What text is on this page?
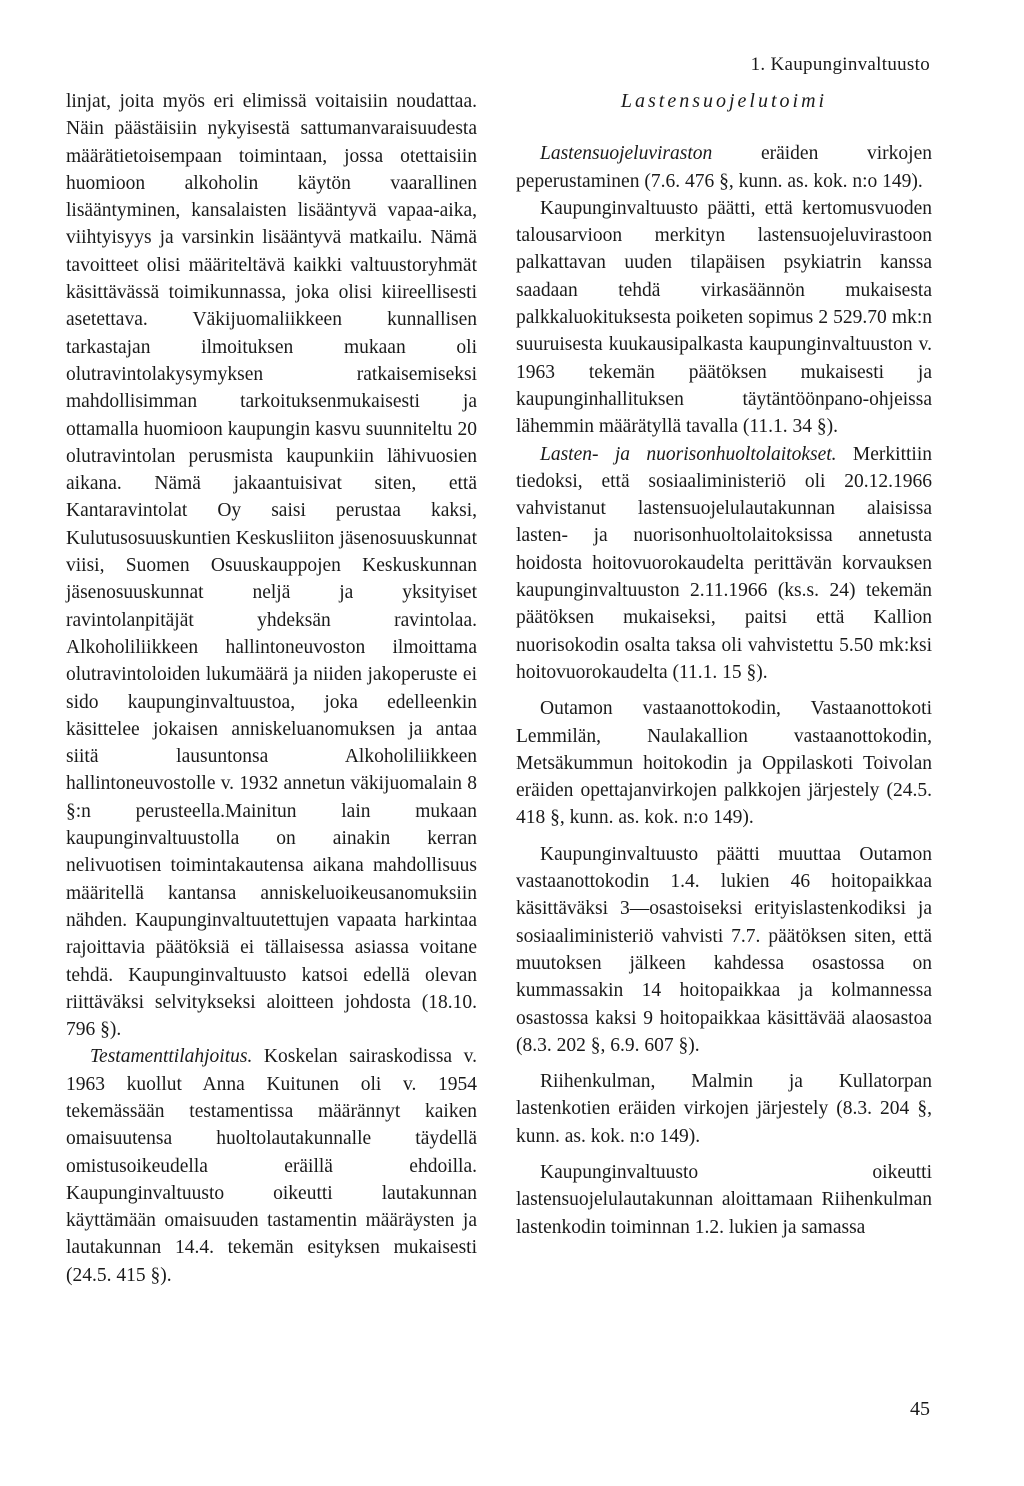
1. Kaupunginvaltuusto

linjat, joita myös eri elimissä voitaisiin noudattaa. Näin päästäisiin nykyisestä sattumanvaraisuudesta määrätietoisempaan toimintaan, jossa otettaisiin huomioon alkoholin käytön vaarallinen lisääntyminen, kansalaisten lisääntyvä vapaa-aika, viihtyisyys ja varsinkin lisääntyvä matkailu. Nämä tavoitteet olisi määriteltävä kaikki valtuustoryhmät käsittävässä toimikunnassa, joka olisi kiireellisesti asetettava. Väkijuomaliikkeen kunnallisen tarkastajan ilmoituksen mukaan oli olutravintolakysymyksen ratkaisemiseksi mahdollisimman tarkoituksenmukaisesti ja ottamalla huomioon kaupungin kasvu suunniteltu 20 olutravintolan perusmista kaupunkiin lähivuosien aikana. Nämä jakaantuisivat siten, että Kantaravintolat Oy saisi perustaa kaksi, Kulutusosuuskuntien Keskusliiton jäsenosuuskunnat viisi, Suomen Osuuskauppojen Keskuskunnan jäsenosuuskunnat neljä ja yksityiset ravintolanpitäjät yhdeksän ravintolaa. Alkoholiliikkeen hallintoneuvoston ilmoittama olutravintoloiden lukumäärä ja niiden jakoperuste ei sido kaupunginvaltuustoa, joka edelleenkin käsittelee jokaisen anniskeluanomuksen ja antaa siitä lausuntonsa Alkoholiliikkeen hallintoneuvostolle v. 1932 annetun väkijuomalain 8 §:n perusteella.Mainitun lain mukaan kaupunginvaltuustolla on ainakin kerran nelivuotisen toimintakautensa aikana mahdollisuus määritellä kantansa anniskeluoikeusanomuksiin nähden. Kaupunginvaltuutettujen vapaata harkintaa rajoittavia päätöksiä ei tällaisessa asiassa voitane tehdä. Kaupunginvaltuusto katsoi edellä olevan riittäväksi selvitykseksi aloitteen johdosta (18.10. 796 §).

Testamenttilahjoitus. Koskelan sairaskodissa v. 1963 kuollut Anna Kuitunen oli v. 1954 tekemässään testamentissa määrännyt kaiken omaisuutensa huoltolautakunnalle täydellä omistusoikeudella eräillä ehdoilla. Kaupunginvaltuusto oikeutti lautakunnan käyttämään omaisuuden tastamentin määräysten ja lautakunnan 14.4. tekemän esityksen mukaisesti (24.5. 415 §).

Lastensuojelutoimi

Lastensuojeluviraston eräiden virkojen peperustaminen (7.6. 476 §, kunn. as. kok. n:o 149).

Kaupunginvaltuusto päätti, että kertomusvuoden talousarvioon merkityn lastensuojeluvirastoon palkattavan uuden tilapäisen psykiatrin kanssa saadaan tehdä virkasäännön mukaisesta palkkaluokituksesta poiketen sopimus 2 529.70 mk:n suuruisesta kuukausipalkasta kaupunginvaltuuston v. 1963 tekemän päätöksen mukaisesti ja kaupunginhallituksen täytäntöönpano-ohjeissa lähemmin määrätyllä tavalla (11.1. 34 §).

Lasten- ja nuorisonhuoltolaitokset. Merkittiin tiedoksi, että sosiaaliministeriö oli 20.12.1966 vahvistanut lastensuojelulautakunnan alaisissa lasten- ja nuorisonhuoltolaitoksissa annetusta hoidosta hoitovuorokaudelta perittävän korvauksen kaupunginvaltuuston 2.11.1966 (ks.s. 24) tekemän päätöksen mukaiseksi, paitsi että Kallion nuorisokodin osalta taksa oli vahvistettu 5.50 mk:ksi hoitovuorokaudelta (11.1. 15 §).

Outamon vastaanottokodin, Vastaanottokoti Lemmilän, Naulakallion vastaanottokodin, Metsäkummun hoitokodin ja Oppilaskoti Toivolan eräiden opettajanvirkojen palkkojen järjestely (24.5. 418 §, kunn. as. kok. n:o 149).

Kaupunginvaltuusto päätti muuttaa Outamon vastaanottokodin 1.4. lukien 46 hoitopaikkaa käsittäväksi 3—osastoiseksi erityislastenkodiksi ja sosiaaliministeriö vahvisti 7.7. päätöksen siten, että muutoksen jälkeen kahdessa osastossa on kummassakin 14 hoitopaikkaa ja kolmannessa osastossa kaksi 9 hoitopaikkaa käsittävää alaosastoa (8.3. 202 §, 6.9. 607 §).

Riihenkulman, Malmin ja Kullatorpan lastenkotien eräiden virkojen järjestely (8.3. 204 §, kunn. as. kok. n:o 149).

Kaupunginvaltuusto oikeutti lastensuojelulautakunnan aloittamaan Riihenkulman lastenkodin toiminnan 1.2. lukien ja samassa

45
